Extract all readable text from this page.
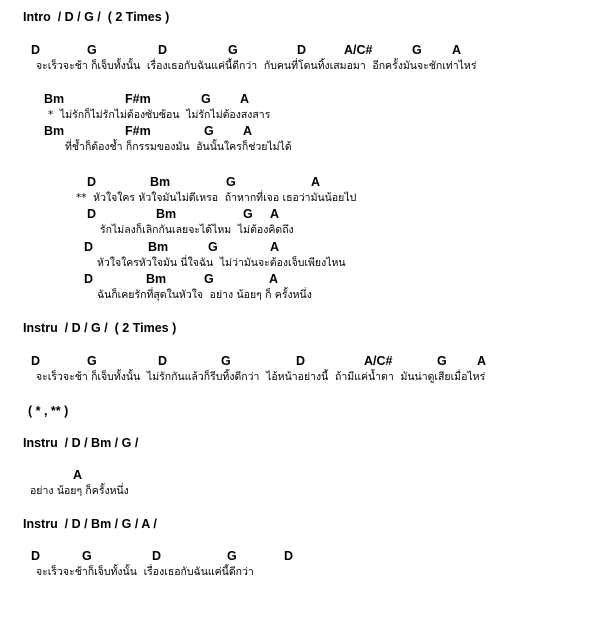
Intro  / D / G /  ( 2 Times )

D

	G

	D

	G

	D

	A/C#

	G

A

จะเร็วจะช้า ก็เจ็บทั้งนั้น  เรื่องเธอกับฉันแค่นี้ดีกว่า  กับคนที่โดนทิ้งเสมอมา  อีกครั้งมันจะชักเท่าไหร่

Bm

	F#m

	G

A

*  ไม่รักก็ไม่รักไม่ต้องซับซ้อน  ไม่รักไม่ต้องสงสาร

Bm

	F#m

	G

A

ที่ช้ำก็ต้องช้ำ ก็กรรมของมัน  อันนั้นใครก็ช่วยไม่ได้

D

	Bm

	G

	A

**  หัวใจใคร หัวใจมันไม่ดีเหรอ  ถ้าหากที่เจอ เธอว่ามันน้อยไป

D

	Bm

	G

A

รักไม่ลงก็เลิกกันเลยจะได้ไหม  ไม่ต้องคิดถึง

D

	Bm

	G

	A

หัวใจใครหัวใจมัน นี่ใจฉัน  ไม่ว่ามันจะต้องเจ็บเพียงไหน

D

	Bm

	G

	A

ฉันก็เคยรักที่สุดในหัวใจ  อย่าง น้อยๆ ก็ ครั้งหนึ่ง
Instru  / D / G /  ( 2 Times )

D

	G

	D

	G

	D

	A/C#

	G

A

จะเร็วจะช้า ก็เจ็บทั้งนั้น  ไม่รักกันแล้วก็รีบทิ้งดีกว่า  ไอ้หน้าอย่างนี้  ถ้ามีแค่น้ำตา  มันน่าดูเสียเมื่อไหร่
( * , ** )
Instru  / D / Bm / G /

A

อย่าง น้อยๆ ก็ครั้งหนึ่ง
Instru  / D / Bm / G / A /

D

	G

	D

	G

	D

จะเร็วจะช้าก็เจ็บทั้งนั้น  เรื่องเธอกับฉันแค่นี้ดีกว่า
